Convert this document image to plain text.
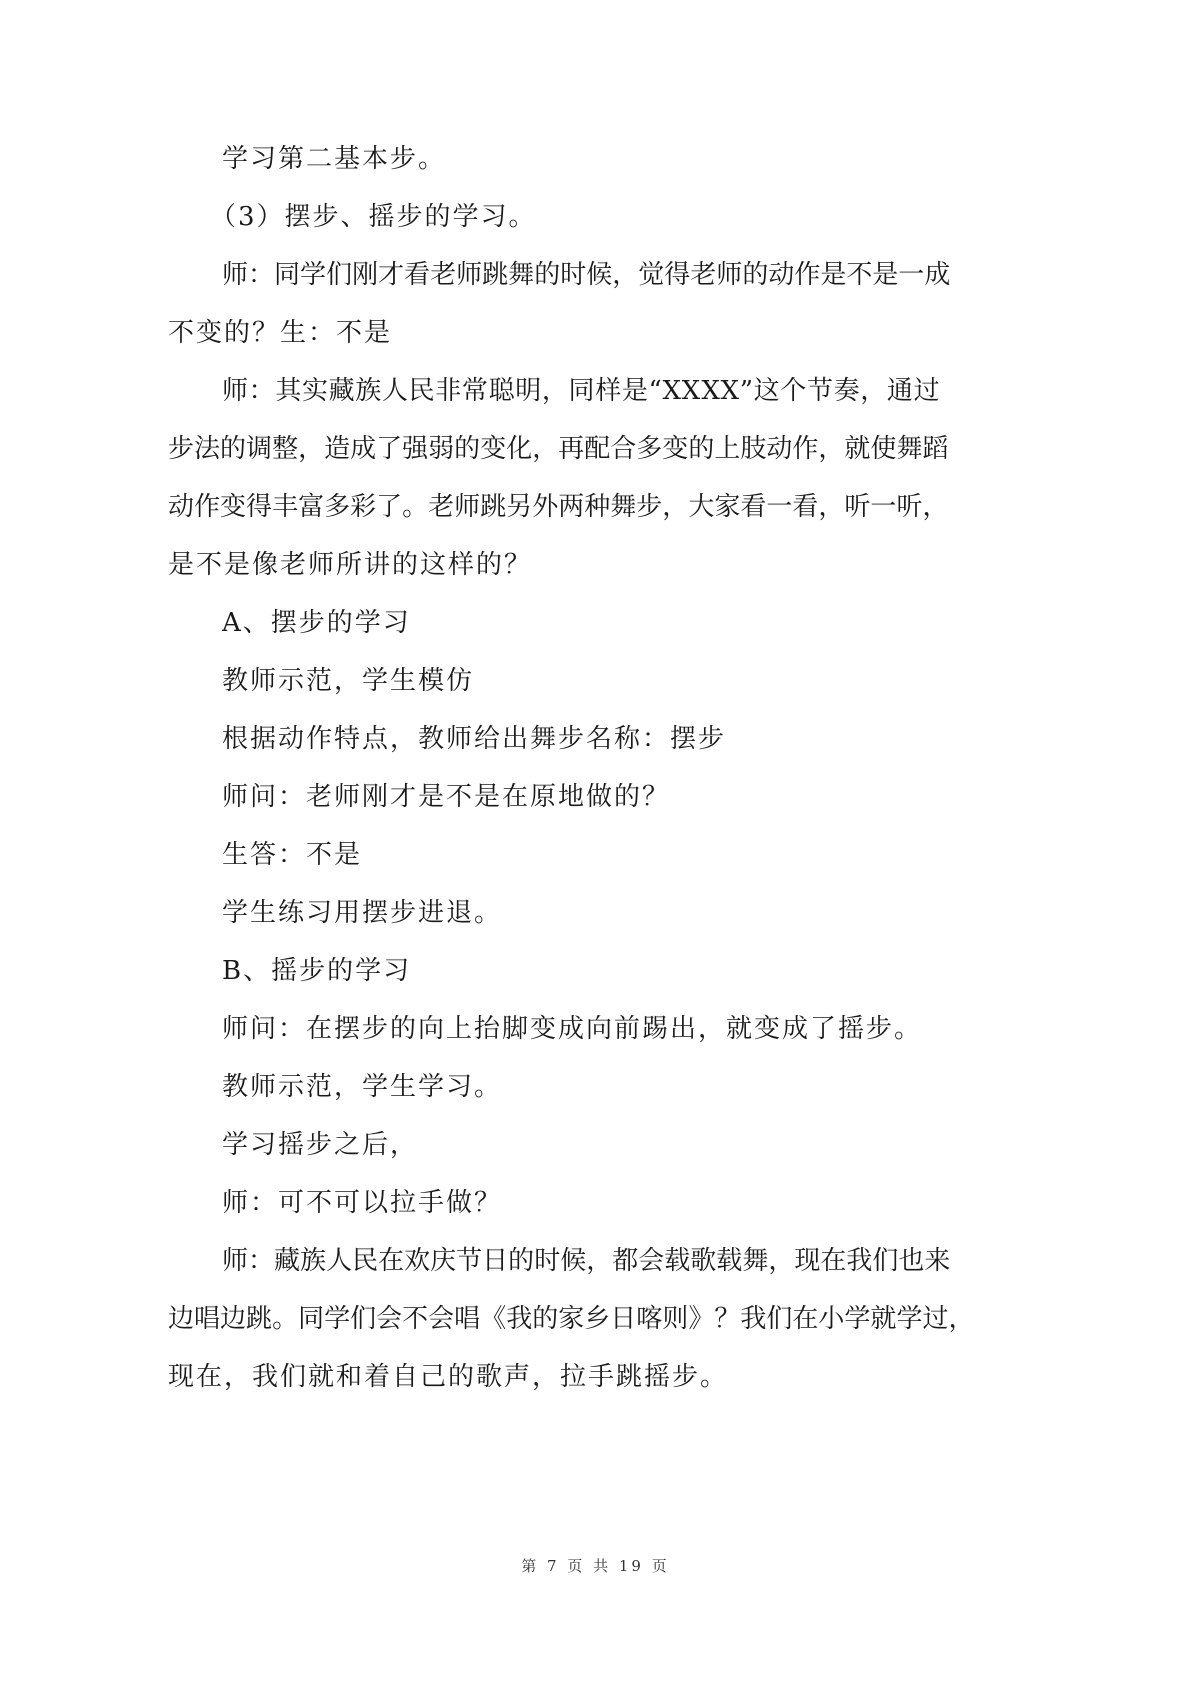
学习第二基本步。
（3）摆步、摇步的学习。
师 ： 同 学 们 刚 才 看 老 师 跳 舞 的 时 候 ， 觉 得 老 师 的 动 作 是 不 是 一 成
不变的？生：不是
师 ： 其 实 藏 族 人 民 非 常 聪 明 ， 同 样 是 “ X X X X ” 这 个 节 奏 ， 通 过
步 法 的 调 整 ， 造 成 了 强 弱 的 变 化 ， 再 配 合 多 变 的 上 肢 动 作 ， 就 使 舞 蹈
动 作 变 得 丰 富 多 彩 了 。 老 师 跳 另 外 两 种 舞 步 ， 大 家 看 一 看 ， 听 一 听 ，
是不是像老师所讲的这样的？
A、摆步的学习
教师示范，学生模仿
根据动作特点，教师给出舞步名称：摆步
师问：老师刚才是不是在原地做的？
生答：不是
学生练习用摆步进退。
B、摇步的学习
师问：在摆步的向上抬脚变成向前踢出，就变成了摇步。
教师示范，学生学习。
学习摇步之后，
师：可不可以拉手做？
师 ： 藏 族 人 民 在 欢 庆 节 日 的 时 候 ， 都 会 载 歌 载 舞 ， 现 在 我 们 也 来
边 唱 边 跳 。 同 学 们 会 不 会 唱 《 我 的 家 乡 日 喀 则 》 ？ 我 们 在 小 学 就 学 过 ，
现在，我们就和着自己的歌声，拉手跳摇步。
第 7 页 共 19 页
